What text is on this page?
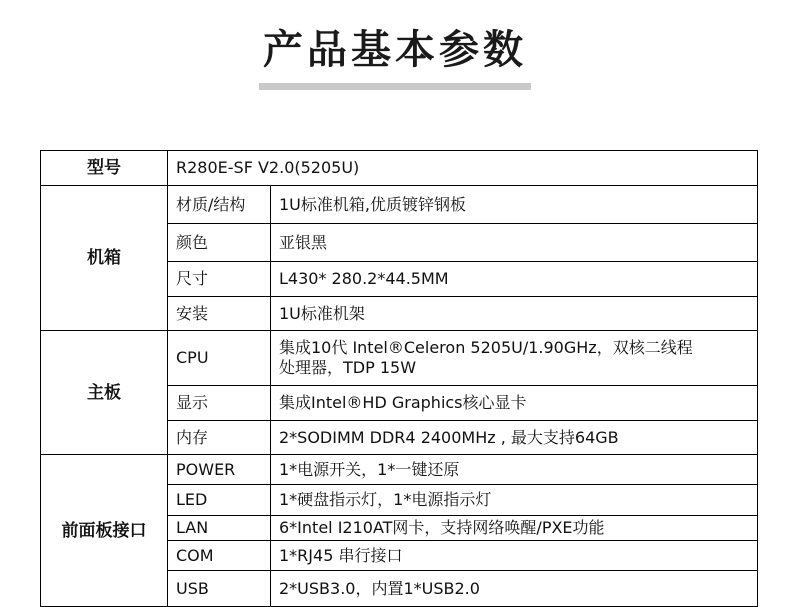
产品基本参数
型号	R280E-SF V2.0(5205U)	
机箱	材质/结构	1U标准机箱,优质镀锌钢板
	颜色	亚银黑
	尺寸	L430* 280.2*44.5MM
	安装	1U标准机架
主板	CPU	集成10代 Intel®Celeron 5205U/1.90GHz，双核二线程
处理器，TDP 15W
	显示	集成Intel®HD Graphics核心显卡
	内存	2*SODIMM DDR4 2400MHz , 最大支持64GB
前面板接口	POWER	1*电源开关，1*一键还原
	LED	1*硬盘指示灯，1*电源指示灯
	LAN	6*Intel I210AT网卡，支持网络唤醒/PXE功能
	COM	1*RJ45 串行接口
	USB	2*USB3.0，内置1*USB2.0
